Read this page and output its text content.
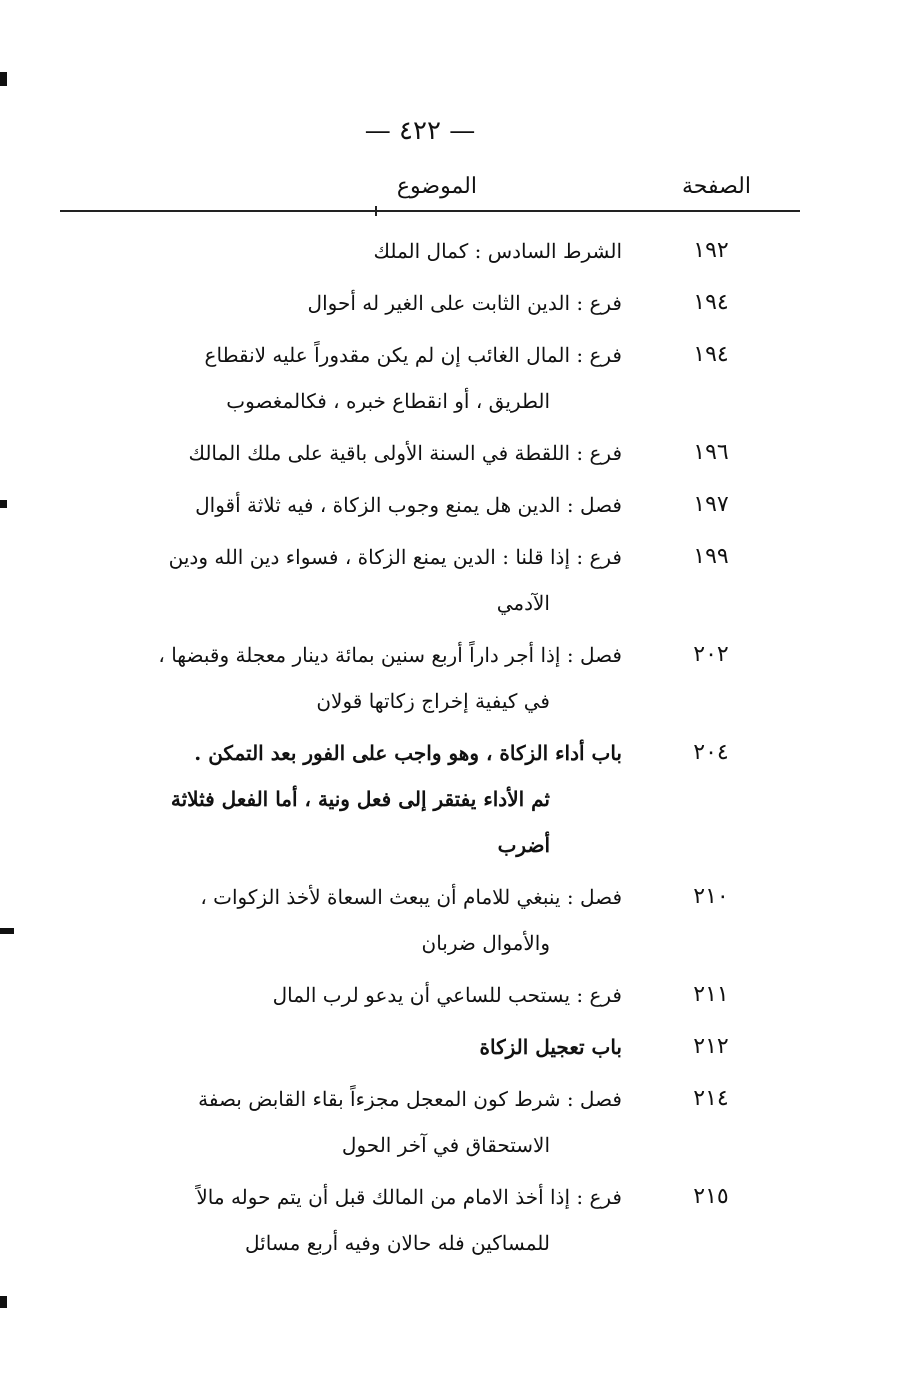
— ٤٢٢ —
الصفحة
الموضوع
١٩٢
الشرط السادس : كمال الملك
١٩٤
فرع : الدين الثابت على الغير له أحوال
١٩٤
فرع : المال الغائب إن لم يكن مقدوراً عليه لانقطاع
الطريق ، أو انقطاع خبره ، فكالمغصوب
١٩٦
فرع : اللقطة في السنة الأولى باقية على ملك المالك
١٩٧
فصل : الدين هل يمنع وجوب الزكاة ، فيه ثلاثة أقوال
١٩٩
فرع : إذا قلنا : الدين يمنع الزكاة ، فسواء دين الله ودين
الآدمي
٢٠٢
فصل : إذا أجر داراً أربع سنين بمائة دينار معجلة وقبضها ،
في كيفية إخراج زكاتها قولان
٢٠٤
باب أداء الزكاة ، وهو واجب على الفور بعد التمكن .
ثم الأداء يفتقر إلى فعل ونية ، أما الفعل فثلاثة
أضرب
٢١٠
فصل : ينبغي للامام أن يبعث السعاة لأخذ الزكوات ،
والأموال ضربان
٢١١
فرع : يستحب للساعي أن يدعو لرب المال
٢١٢
باب تعجيل الزكاة
٢١٤
فصل : شرط كون المعجل مجزءاً بقاء القابض بصفة
الاستحقاق في آخر الحول
٢١٥
فرع : إذا أخذ الامام من المالك قبل أن يتم حوله مالاً
للمساكين فله حالان وفيه أربع مسائل
